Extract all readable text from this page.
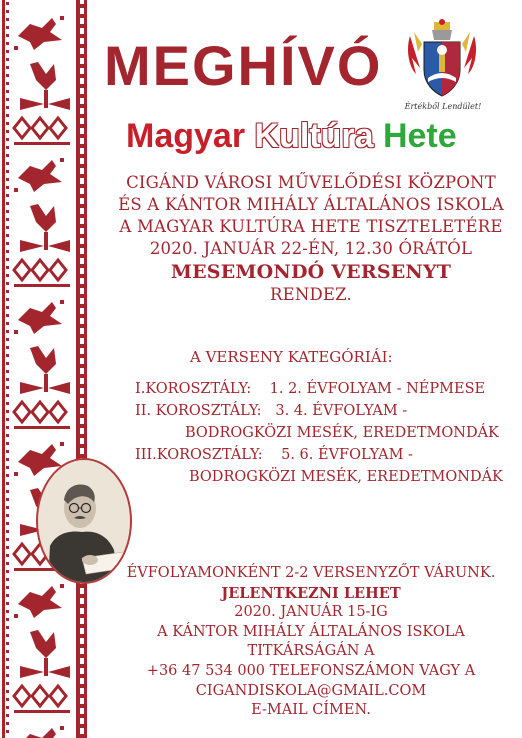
MEGHÍVÓ
Értékből Lendület!
Magyar Kultúra Hete
CIGÁND VÁROSI MŰVELŐDÉSI KÖZPONT
ÉS A KÁNTOR MIHÁLY ÁLTALÁNOS ISKOLA
A MAGYAR KULTÚRA HETE TISZTELETÉRE
2020. JANUÁR 22-ÉN, 12.30 ÓRÁTÓL
MESEMONDÓ VERSENYT
RENDEZ.
A VERSENY KATEGÓRIÁI:
I.KOROSZTÁLY: 1. 2. ÉVFOLYAM - NÉPMESE
II. KOROSZTÁLY: 3. 4. ÉVFOLYAM -
BODROGKÖZI MESÉK, EREDETMONDÁK
III.KOROSZTÁLY: 5. 6. ÉVFOLYAM -
BODROGKÖZI MESÉK, EREDETMONDÁK
ÉVFOLYAMONKÉNT 2-2 VERSENYZŐT VÁRUNK.
JELENTKEZNI LEHET
2020. JANUÁR 15-IG
A KÁNTOR MIHÁLY ÁLTALÁNOS ISKOLA
TITKÁRSÁGÁN A
+36 47 534 000 TELEFONSZÁMON VAGY A
CIGANDISKOLA@GMAIL.COM
E-MAIL CÍMEN.
